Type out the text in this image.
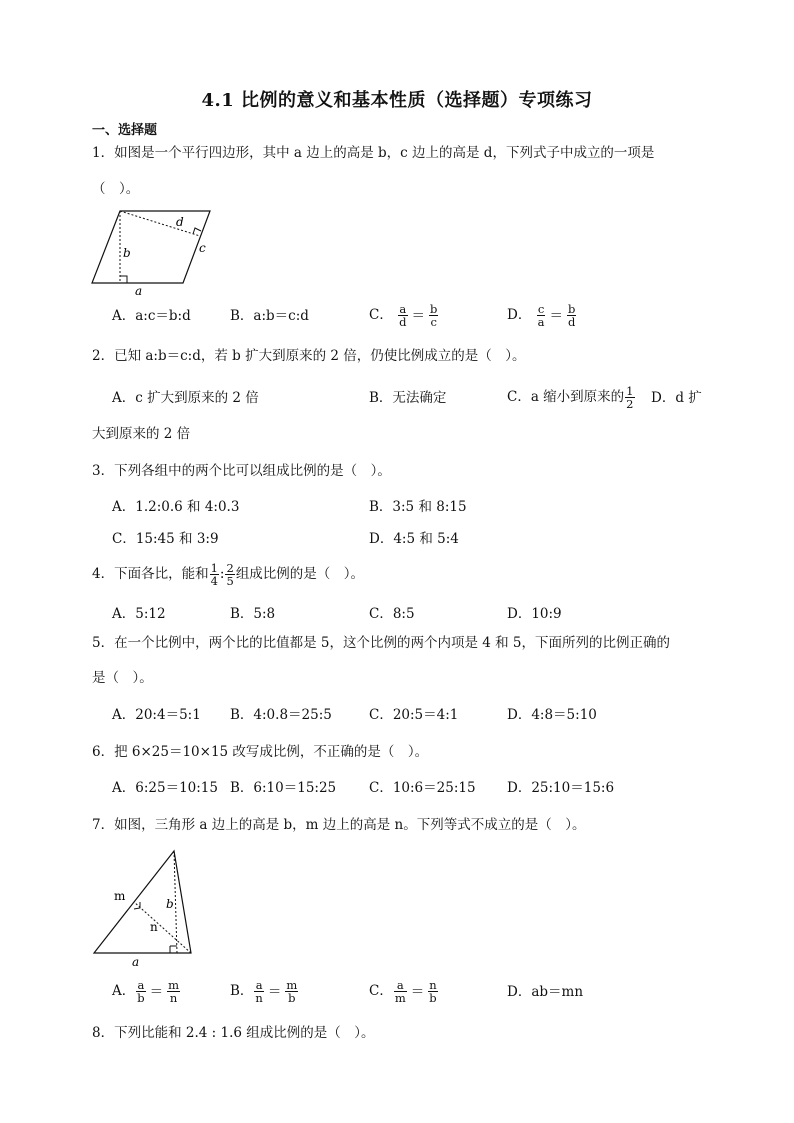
4.1 比例的意义和基本性质（选择题）专项练习
一、选择题
1．如图是一个平行四边形，其中 a 边上的高是 b，c 边上的高是 d，下列式子中成立的一项是
（　）。
d
c
b
a
A．a:c＝b:d	B．a:b＝c:d	C． $\frac{a}{d} = \frac{b}{c}$	D． $\frac{c}{a} = \frac{b}{d}$
2．已知 a:b＝c:d，若 b 扩大到原来的 2 倍，仍使比例成立的是（　）。
A．c 扩大到原来的 2 倍	B．无法确定	C．a 缩小到原来的 $\frac{1}{2}$ D．d 扩
大到原来的 2 倍
3．下列各组中的两个比可以组成比例的是（　）。
A．1.2:0.6 和 4:0.3	B．3:5 和 8:15
C．15:45 和 3:9	D．4:5 和 5:4
4．下面各比，能和 $\frac{1}{4}$ : $\frac{2}{5}$ 组成比例的是（　）。
A．5:12	B．5:8	C．8:5	D．10:9
5．在一个比例中，两个比的比值都是 5，这个比例的两个内项是 4 和 5，下面所列的比例正确的
是（　）。
A．20:4＝5:1 B．4:0.8＝25:5	C．20:5＝4:1	D．4:8＝5:10
6．把 6×25＝10×15 改写成比例，不正确的是（　）。
A．6:25＝10:15 B．6:10＝15:25 C．10:6＝25:15 D．25:10＝15:6
7．如图，三角形 a 边上的高是 b，m 边上的高是 n。下列等式不成立的是（　）。
m
n
b
a
A． $\frac{a}{b} = \frac{m}{n}$	B． $\frac{a}{n} = \frac{m}{b}$	C． $\frac{a}{m} = \frac{n}{b}$	D．ab＝mn
8．下列比能和 2.4 : 1.6 组成比例的是（　）。
